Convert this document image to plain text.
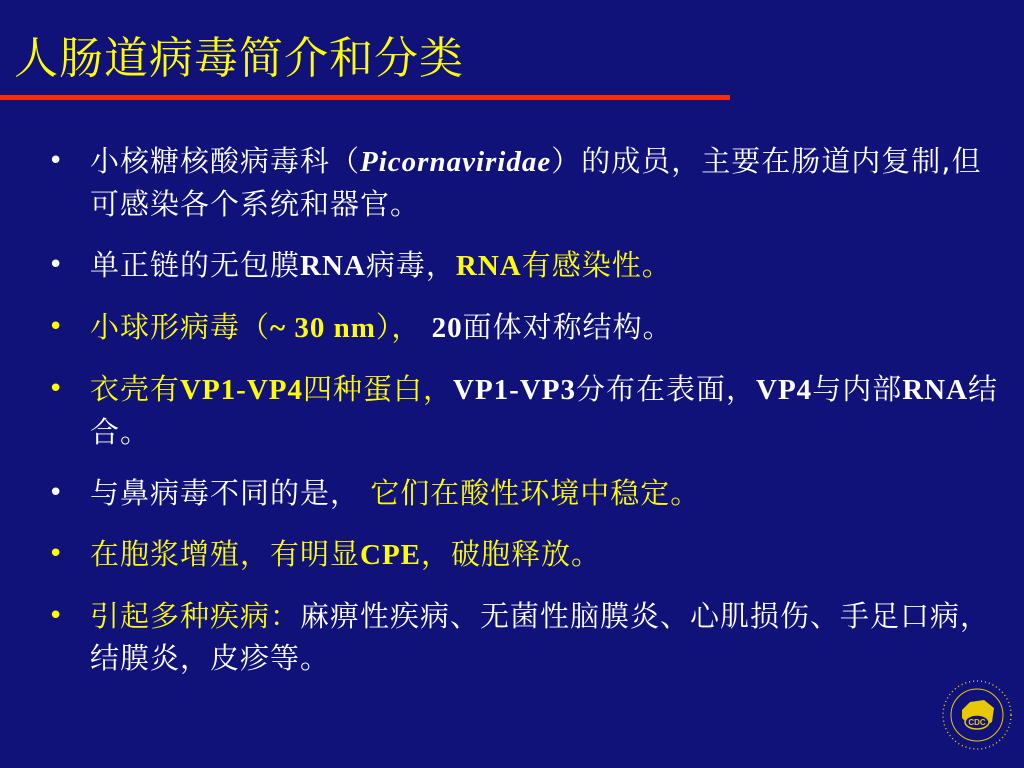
人肠道病毒简介和分类
• 小核糖核酸病毒科（Picornaviridae）的成员，主要在肠道内复制,但可感染各个系统和器官。
• 单正链的无包膜RNA病毒，RNA有感染性。
• 小球形病毒（~ 30 nm）， 20面体对称结构。
• 衣壳有VP1-VP4四种蛋白，VP1-VP3分布在表面，VP4与内部RNA结合。
• 与鼻病毒不同的是， 它们在酸性环境中稳定。
• 在胞浆增殖，有明显CPE，破胞释放。
• 引起多种疾病：麻痹性疾病、无菌性脑膜炎、心肌损伤、手足口病，结膜炎，皮疹等。
CDC
